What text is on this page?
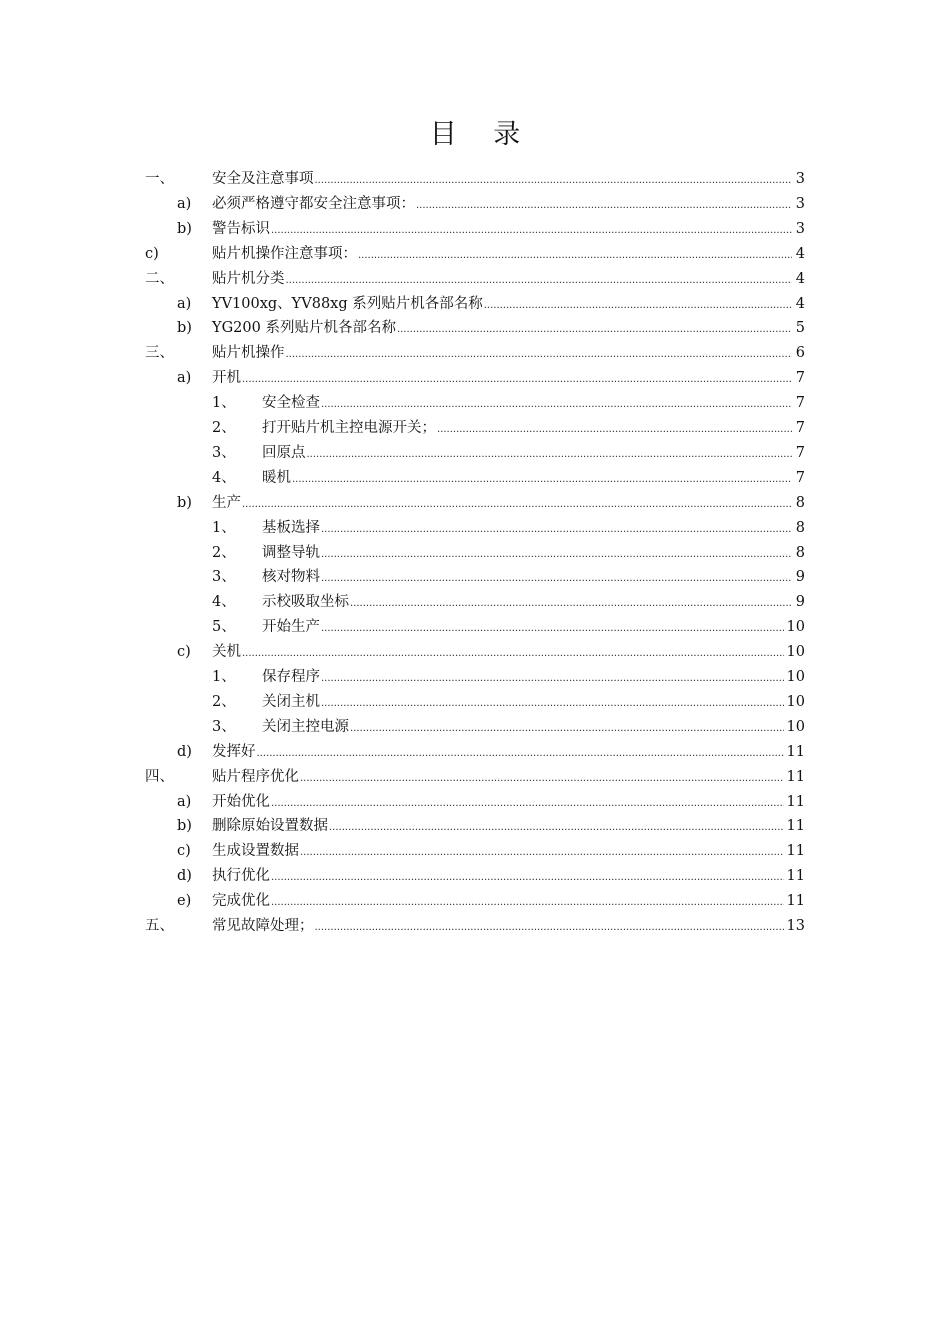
目 录
一、	安全及注意事项 .....	3
a) 必须严格遵守都安全注意事项： .....	3
b) 警告标识 .....	3
c)	贴片机操作注意事项： .....	4
二、	贴片机分类 .....	4
a) YV100xg、YV88xg 系列贴片机各部名称 .....	4
b) YG200 系列贴片机各部名称 .....	5
三、	贴片机操作 .....	6
a) 开机 .....	7
1、 安全检查 .....	7
2、 打开贴片机主控电源开关； .....	7
3、 回原点 .....	7
4、 暖机 .....	7
b) 生产 .....	8
1、 基板选择 .....	8
2、 调整导轨 .....	8
3、 核对物料 .....	9
4、 示校吸取坐标 .....	9
5、 开始生产 .....	10
c) 关机 .....	10
1、 保存程序 .....	10
2、 关闭主机 .....	10
3、 关闭主控电源 .....	10
d) 发挥好 .....	11
四、	贴片程序优化 .....	11
a) 开始优化 .....	11
b) 删除原始设置数据 .....	11
c) 生成设置数据 .....	11
d) 执行优化 .....	11
e) 完成优化 .....	11
五、	常见故障处理； .....	13
